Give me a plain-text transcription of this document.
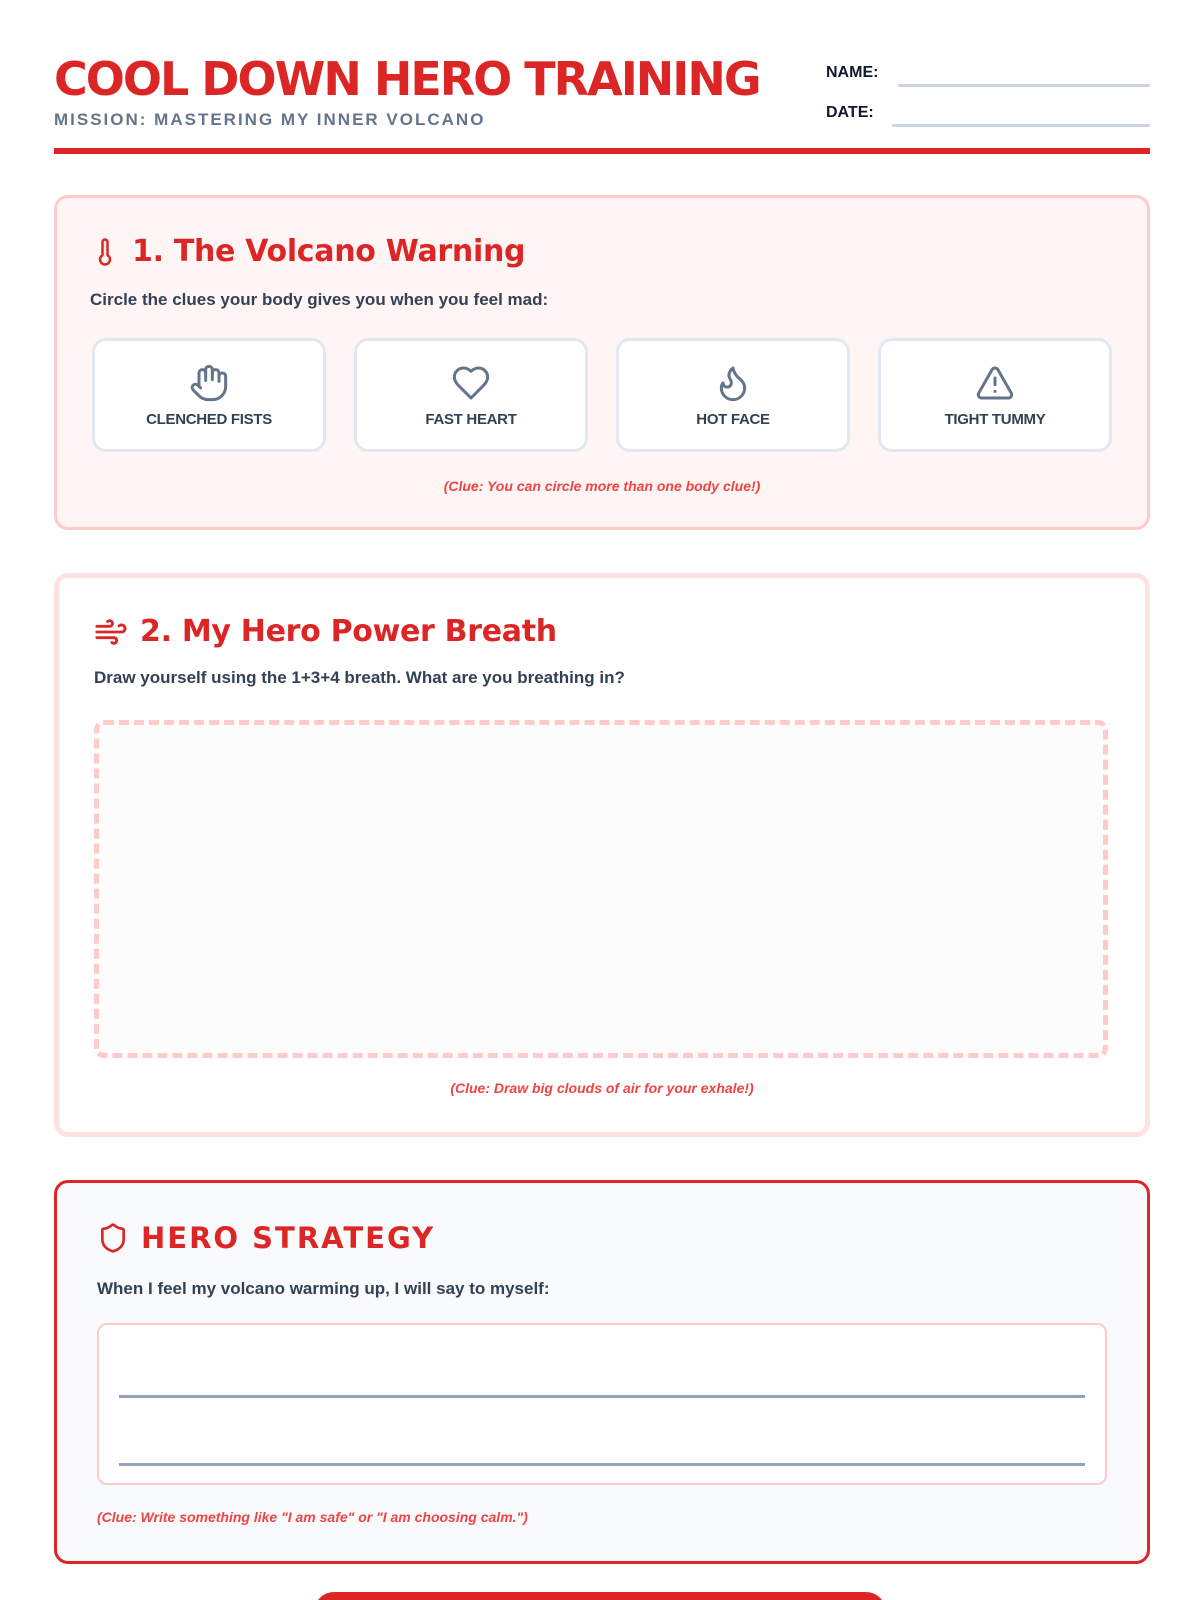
COOL DOWN HERO TRAINING
MISSION: MASTERING MY INNER VOLCANO
NAME:
DATE:
1. The Volcano Warning
Circle the clues your body gives you when you feel mad:
CLENCHED FISTS	FAST HEART	HOT FACE	TIGHT TUMMY
(Clue: You can circle more than one body clue!)
2. My Hero Power Breath
Draw yourself using the 1+3+4 breath. What are you breathing in?
(Clue: Draw big clouds of air for your exhale!)
HERO STRATEGY
When I feel my volcano warming up, I will say to myself:
(Clue: Write something like "I am safe" or "I am choosing calm.")
